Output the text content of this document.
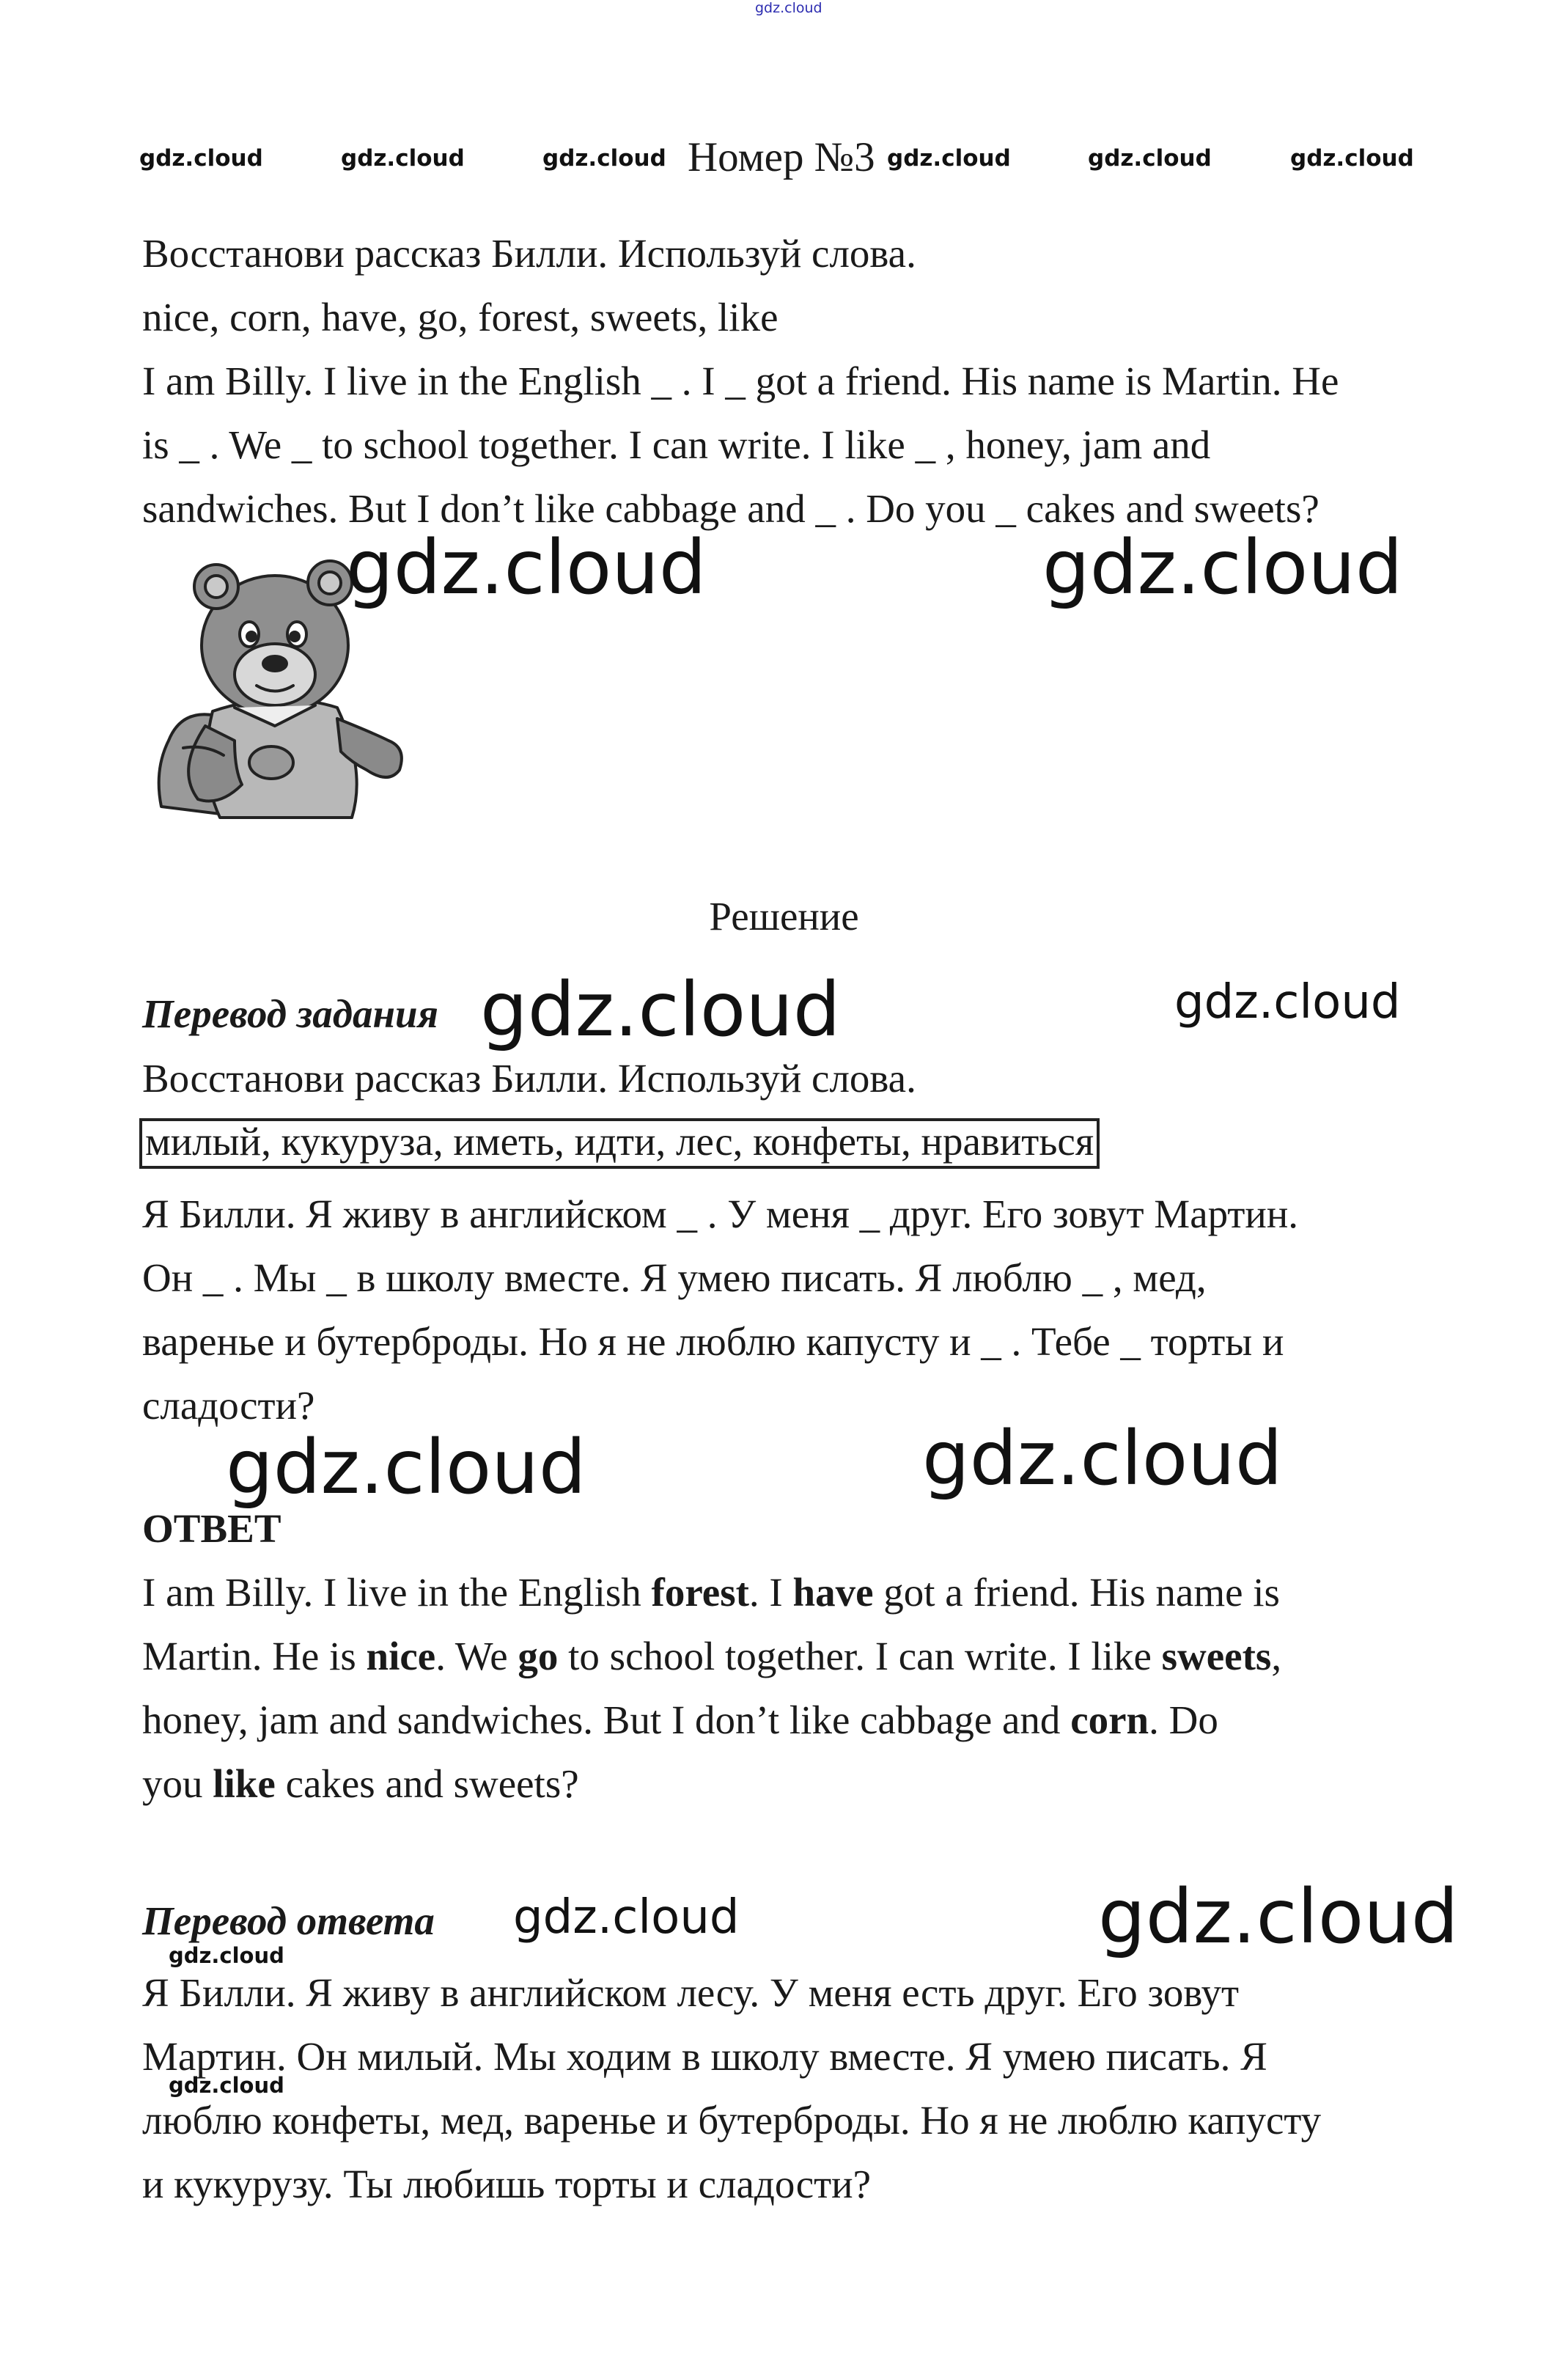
gdz.cloud
gdz.cloud	gdz.cloud	gdz.cloud	gdz.cloud	gdz.cloud
Номер №3 gdz.cloud
Восстанови рассказ Билли. Используй слова.
nice, corn, have, go, forest, sweets, like
I am Billy. I live in the English _ . I _ got a friend. His name is Martin. He
is _ . We _ to school together. I can write. I like _ , honey, jam and
sandwiches. But I don’t like cabbage and _ . Do you _ cakes and sweets?
gdz.cloud	gdz.cloud
Решение
Перевод задания gdz.cloud	gdz.cloud
Восстанови рассказ Билли. Используй слова.
милый, кукуруза, иметь, идти, лес, конфеты, нравиться
Я Билли. Я живу в английском _ . У меня _ друг. Его зовут Мартин.
Он _ . Мы _ в школу вместе. Я умею писать. Я люблю _ , мед,
варенье и бутерброды. Но я не люблю капусту и _ . Тебе _ торты и
сладости?
gdz.cloud	gdz.cloud
ОТВЕТ
I am Billy. I live in the English forest. I have got a friend. His name is
Martin. He is nice. We go to school together. I can write. I like sweets,
honey, jam and sandwiches. But I don’t like cabbage and corn. Do
you like cakes and sweets?
Перевод ответа gdz.cloud	gdz.cloud
gdz.cloud
Я Билли. Я живу в английском лесу. У меня есть друг. Его зовут
Мартин. Он милый. Мы ходим в школу вместе. Я умею писать. Я
gdz.cloud
люблю конфеты, мед, варенье и бутерброды. Но я не люблю капусту
и кукурузу. Ты любишь торты и сладости?
